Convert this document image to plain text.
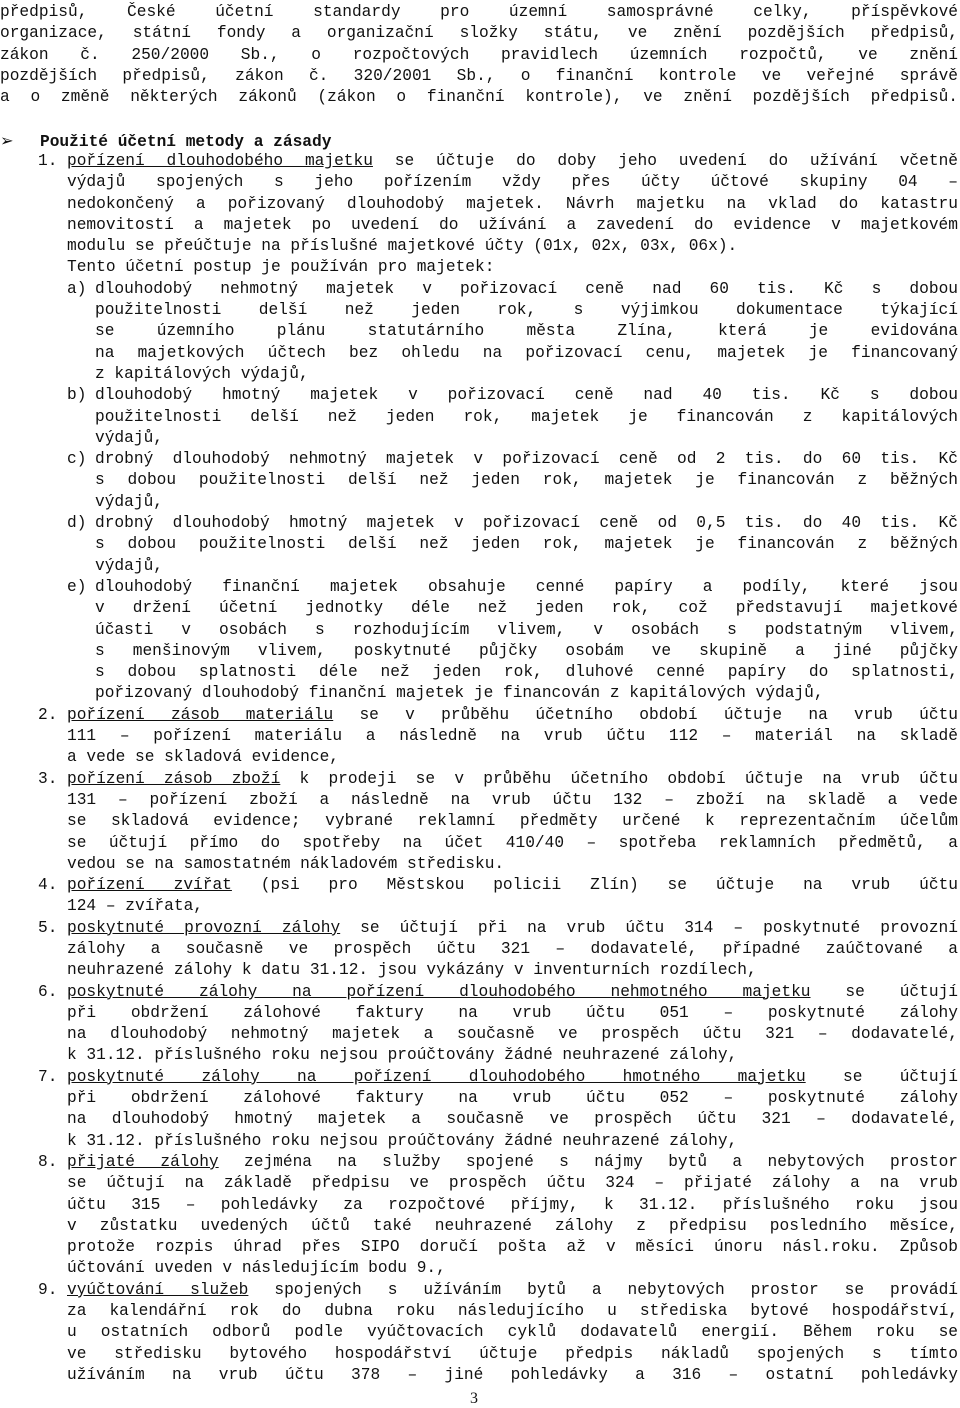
předpisů, České účetní standardy pro územní samosprávné celky, příspěvkové

organizace, státní fondy a organizační složky státu, ve znění pozdějších předpisů,

zákon č. 250/2000 Sb., o rozpočtových pravidlech územních rozpočtů, ve znění

pozdějších předpisů, zákon č. 320/2001 Sb., o finanční kontrole ve veřejné správě

a o změně některých zákonů (zákon o finanční kontrole), ve znění pozdějších předpisů.

➢ Použité účetní metody a zásady
1. pořízení dlouhodobého majetku se účtuje do doby jeho uvedení do užívání včetně

výdajů spojených s jeho pořízením vždy přes účty účtové skupiny 04 –

nedokončený a pořizovaný dlouhodobý majetek. Návrh majetku na vklad do katastru

nemovitostí a majetek po uvedení do užívání a zavedení do evidence v majetkovém

modulu se přeúčtuje na příslušné majetkové účty (01x, 02x, 03x, 06x).

Tento účetní postup je používán pro majetek:

a) dlouhodobý nehmotný majetek v pořizovací ceně nad 60 tis. Kč s dobou

použitelnosti delší než jeden rok, s výjimkou dokumentace týkající

se územního plánu statutárního města Zlína, která je evidována

na majetkových účtech bez ohledu na pořizovací cenu, majetek je financovaný

z kapitálových výdajů,

b) dlouhodobý hmotný majetek v pořizovací ceně nad 40 tis. Kč s dobou

použitelnosti delší než jeden rok, majetek je financován z kapitálových

výdajů,

c) drobný dlouhodobý nehmotný majetek v pořizovací ceně od 2 tis. do 60 tis. Kč

s dobou použitelnosti delší než jeden rok, majetek je financován z běžných

výdajů,

d) drobný dlouhodobý hmotný majetek v pořizovací ceně od 0,5 tis. do 40 tis. Kč

s dobou použitelnosti delší než jeden rok, majetek je financován z běžných

výdajů,

e) dlouhodobý finanční majetek obsahuje cenné papíry a podíly, které jsou

v držení účetní jednotky déle než jeden rok, což představují majetkové

účasti v osobách s rozhodujícím vlivem, v osobách s podstatným vlivem,

s menšinovým vlivem, poskytnuté půjčky osobám ve skupině a jiné půjčky

s dobou splatnosti déle než jeden rok, dluhové cenné papíry do splatnosti,

pořizovaný dlouhodobý finanční majetek je financován z kapitálových výdajů,

2. pořízení zásob materiálu se v průběhu účetního období účtuje na vrub účtu

111 – pořízení materiálu a následně na vrub účtu 112 – materiál na skladě

a vede se skladová evidence,

3. pořízení zásob zboží k prodeji se v průběhu účetního období účtuje na vrub účtu

131 – pořízení zboží a následně na vrub účtu 132 – zboží na skladě a vede

se skladová evidence; vybrané reklamní předměty určené k reprezentačním účelům

se účtují přímo do spotřeby na účet 410/40 – spotřeba reklamních předmětů, a

vedou se na samostatném nákladovém středisku.

4. pořízení zvířat (psi pro Městskou policii Zlín) se účtuje na vrub účtu

124 – zvířata,

5. poskytnuté provozní zálohy se účtují při na vrub účtu 314 – poskytnuté provozní

zálohy a současně ve prospěch účtu 321 – dodavatelé, případné zaúčtované a

neuhrazené zálohy k datu 31.12. jsou vykázány v inventurních rozdílech,

6. poskytnuté zálohy na pořízení dlouhodobého nehmotného majetku se účtují

při obdržení zálohové faktury na vrub účtu 051 – poskytnuté zálohy

na dlouhodobý nehmotný majetek a současně ve prospěch účtu 321 – dodavatelé,

k 31.12. příslušného roku nejsou proúčtovány žádné neuhrazené zálohy,

7. poskytnuté zálohy na pořízení dlouhodobého hmotného majetku se účtují

při obdržení zálohové faktury na vrub účtu 052 – poskytnuté zálohy

na dlouhodobý hmotný majetek a současně ve prospěch účtu 321 – dodavatelé,

k 31.12. příslušného roku nejsou proúčtovány žádné neuhrazené zálohy,

8. přijaté zálohy zejména na služby spojené s nájmy bytů a nebytových prostor

se účtují na základě předpisu ve prospěch účtu 324 – přijaté zálohy a na vrub

účtu 315 – pohledávky za rozpočtové příjmy, k 31.12. příslušného roku jsou

v zůstatku uvedených účtů také neuhrazené zálohy z předpisu posledního měsíce,

protože rozpis úhrad přes SIPO doručí pošta až v měsíci únoru násl.roku. Způsob

účtování uveden v následujícím bodu 9.,

9. vyúčtování služeb spojených s užíváním bytů a nebytových prostor se provádí

za kalendářní rok do dubna roku následujícího u střediska bytové hospodářství,

u ostatních odborů podle vyúčtovacích cyklů dodavatelů energií. Během roku se

ve středisku bytového hospodářství účtuje předpis nákladů spojených s tímto

užíváním na vrub účtu 378 – jiné pohledávky a 316 – ostatní pohledávky

3
